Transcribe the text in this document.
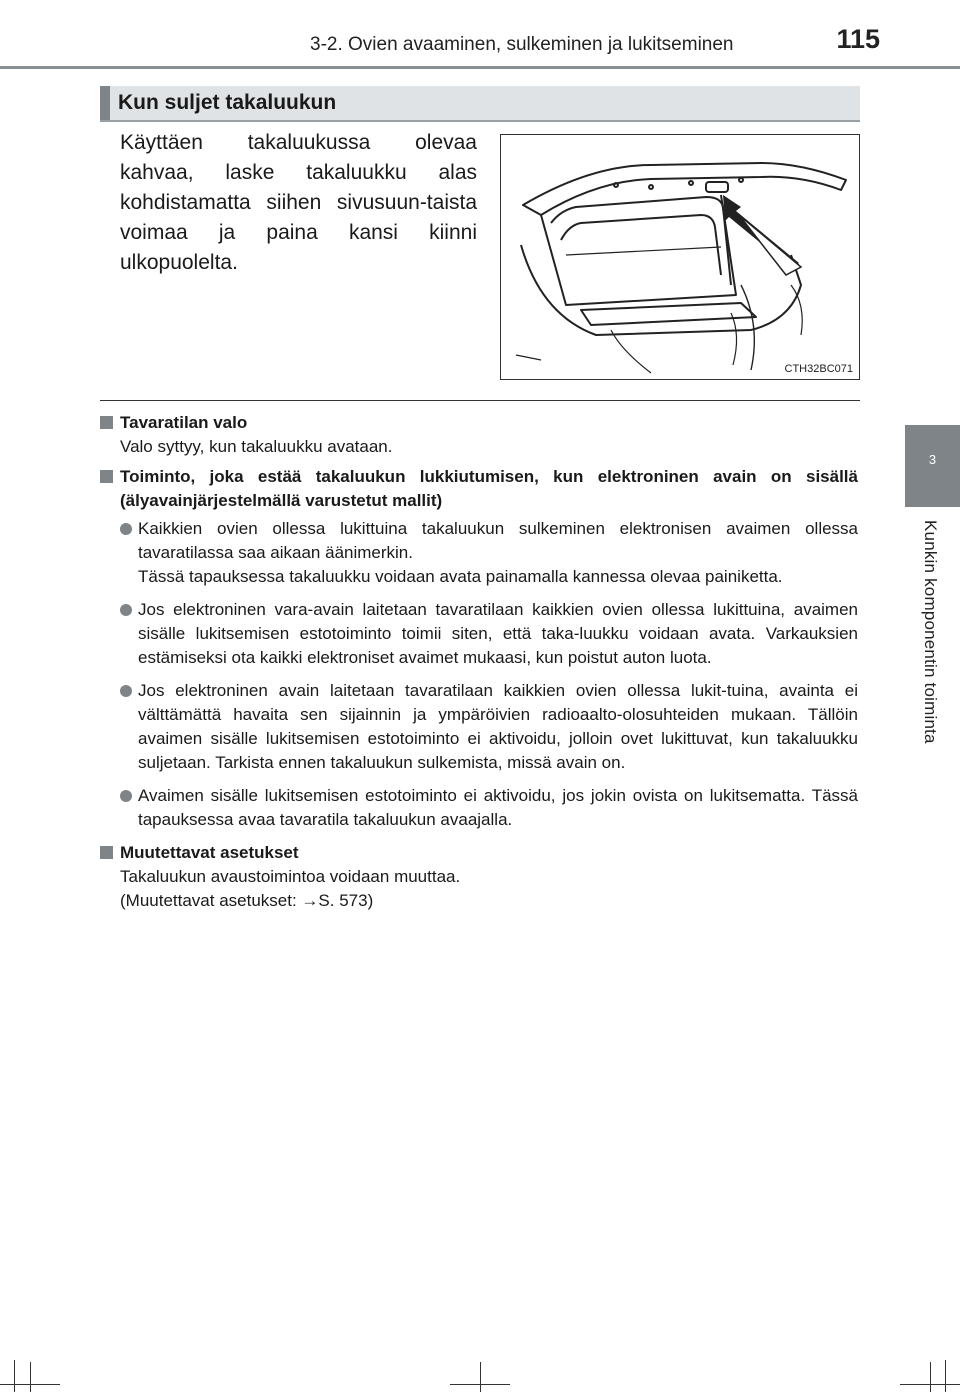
3-2. Ovien avaaminen, sulkeminen ja lukitseminen	115
3
Kunkin komponentin toiminta
Kun suljet takaluukun
Käyttäen takaluukussa olevaa kahvaa, laske takaluukku alas kohdistamatta siihen sivusuun-taista voimaa ja paina kansi kiinni ulkopuolelta.
CTH32BC071
Tavaratilan valo
Valo syttyy, kun takaluukku avataan.
Toiminto, joka estää takaluukun lukkiutumisen, kun elektroninen avain on sisällä (älyavainjärjestelmällä varustetut mallit)
Kaikkien ovien ollessa lukittuina takaluukun sulkeminen elektronisen avaimen ollessa tavaratilassa saa aikaan äänimerkin.
Tässä tapauksessa takaluukku voidaan avata painamalla kannessa olevaa painiketta.
Jos elektroninen vara-avain laitetaan tavaratilaan kaikkien ovien ollessa lukittuina, avaimen sisälle lukitsemisen estotoiminto toimii siten, että taka-luukku voidaan avata. Varkauksien estämiseksi ota kaikki elektroniset avaimet mukaasi, kun poistut auton luota.
Jos elektroninen avain laitetaan tavaratilaan kaikkien ovien ollessa lukit-tuina, avainta ei välttämättä havaita sen sijainnin ja ympäröivien radioaalto-olosuhteiden mukaan. Tällöin avaimen sisälle lukitsemisen estotoiminto ei aktivoidu, jolloin ovet lukittuvat, kun takaluukku suljetaan. Tarkista ennen takaluukun sulkemista, missä avain on.
Avaimen sisälle lukitsemisen estotoiminto ei aktivoidu, jos jokin ovista on lukitsematta. Tässä tapauksessa avaa tavaratila takaluukun avaajalla.
Muutettavat asetukset
Takaluukun avaustoimintoa voidaan muuttaa.
(Muutettavat asetukset: →S. 573)
